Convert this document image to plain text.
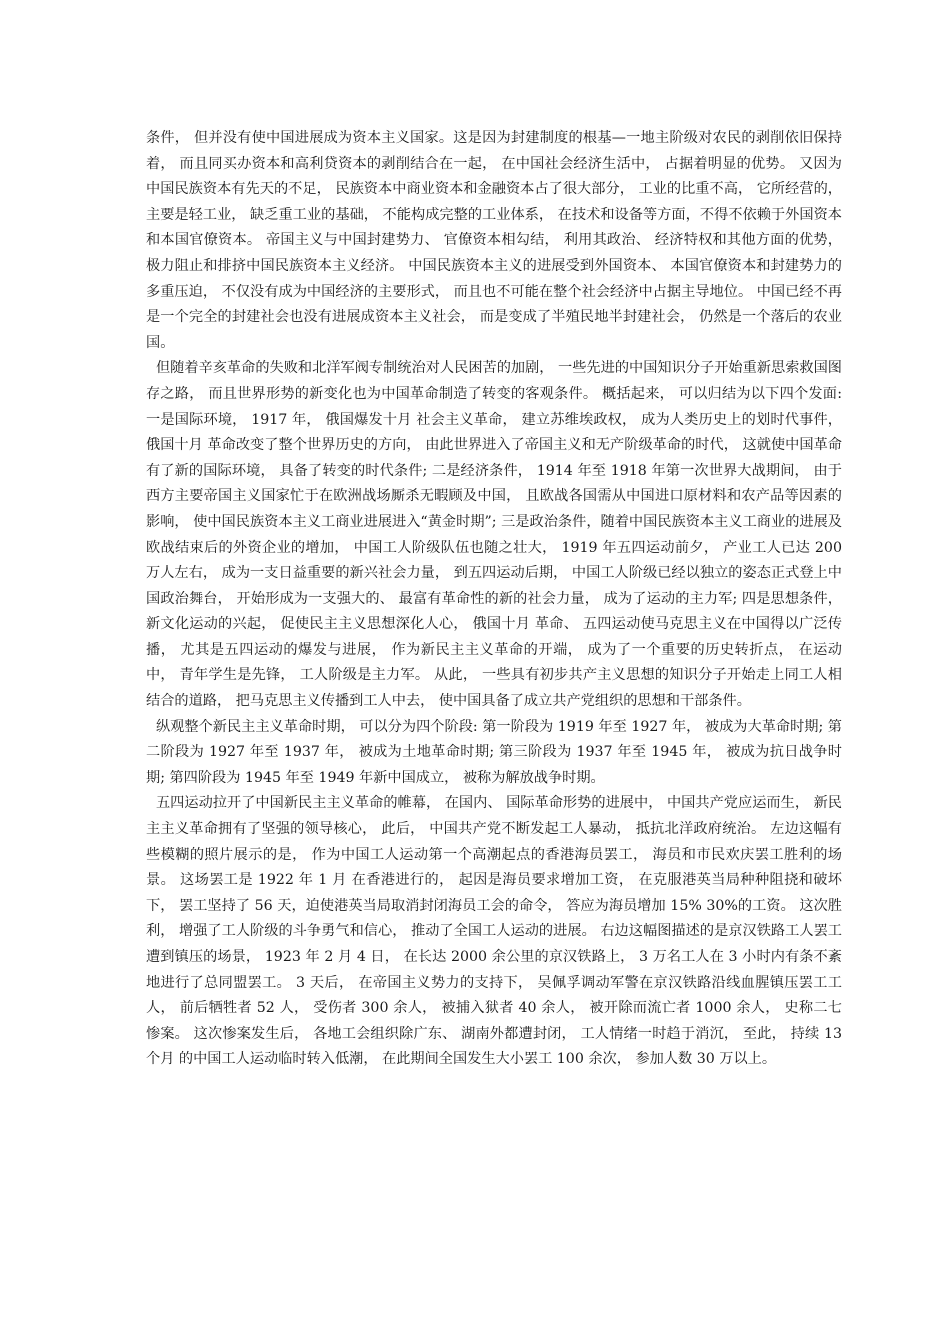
条件， 但并没有使中国进展成为资本主义国家。这是因为封建制度的根基—一地主阶级对农民的剥削依旧保持着， 而且同买办资本和高利贷资本的剥削结合在一起， 在中国社会经济生活中， 占据着明显的优势。 又因为中国民族资本有先天的不足， 民族资本中商业资本和金融资本占了很大部分， 工业的比重不高， 它所经营的， 主要是轻工业， 缺乏重工业的基础， 不能构成完整的工业体系， 在技术和设备等方面，不得不依赖于外国资本和本国官僚资本。 帝国主义与中国封建势力、 官僚资本相勾结， 利用其政治、 经济特权和其他方面的优势， 极力阻止和排挤中国民族资本主义经济。 中国民族资本主义的进展受到外国资本、 本国官僚资本和封建势力的多重压迫， 不仅没有成为中国经济的主要形式， 而且也不可能在整个社会经济中占据主导地位。 中国已经不再是一个完全的封建社会也没有进展成资本主义社会， 而是变成了半殖民地半封建社会， 仍然是一个落后的农业国。

但随着辛亥革命的失败和北洋军阀专制统治对人民困苦的加剧， 一些先进的中国知识分子开始重新思索救国图存之路， 而且世界形势的新变化也为中国革命制造了转变的客观条件。 概括起来， 可以归结为以下四个发面: 一是国际环境， 1917 年， 俄国爆发十月 社会主义革命， 建立苏维埃政权， 成为人类历史上的划时代事件， 俄国十月 革命改变了整个世界历史的方向， 由此世界进入了帝国主义和无产阶级革命的时代， 这就使中国革命有了新的国际环境， 具备了转变的时代条件; 二是经济条件， 1914 年至 1918 年第一次世界大战期间， 由于西方主要帝国主义国家忙于在欧洲战场厮杀无暇顾及中国， 且欧战各国需从中国进口原材料和农产品等因素的影响， 使中国民族资本主义工商业进展进入“黄金时期”; 三是政治条件，随着中国民族资本主义工商业的进展及欧战结束后的外资企业的增加， 中国工人阶级队伍也随之壮大， 1919 年五四运动前夕， 产业工人已达 200 万人左右， 成为一支日益重要的新兴社会力量， 到五四运动后期， 中国工人阶级已经以独立的姿态正式登上中国政治舞台， 开始形成为一支强大的、 最富有革命性的新的社会力量， 成为了运动的主力军; 四是思想条件， 新文化运动的兴起， 促使民主主义思想深化人心， 俄国十月 革命、 五四运动使马克思主义在中国得以广泛传播， 尤其是五四运动的爆发与进展， 作为新民主主义革命的开端， 成为了一个重要的历史转折点， 在运动中， 青年学生是先锋， 工人阶级是主力军。 从此， 一些具有初步共产主义思想的知识分子开始走上同工人相结合的道路， 把马克思主义传播到工人中去， 使中国具备了成立共产党组织的思想和干部条件。

纵观整个新民主主义革命时期， 可以分为四个阶段: 第一阶段为 1919 年至 1927 年， 被成为大革命时期; 第二阶段为 1927 年至 1937 年， 被成为土地革命时期; 第三阶段为 1937 年至 1945 年， 被成为抗日战争时期; 第四阶段为 1945 年至 1949 年新中国成立， 被称为解放战争时期。

五四运动拉开了中国新民主主义革命的帷幕， 在国内、 国际革命形势的进展中， 中国共产党应运而生， 新民主主义革命拥有了坚强的领导核心， 此后， 中国共产党不断发起工人暴动， 抵抗北洋政府统治。 左边这幅有些模糊的照片展示的是， 作为中国工人运动第一个高潮起点的香港海员罢工， 海员和市民欢庆罢工胜利的场景。 这场罢工是 1922 年 1 月 在香港进行的， 起因是海员要求增加工资， 在克服港英当局种种阻挠和破坏下， 罢工坚持了 56 天，迫使港英当局取消封闭海员工会的命令， 答应为海员增加 15% 30%的工资。 这次胜利， 增强了工人阶级的斗争勇气和信心， 推动了全国工人运动的进展。 右边这幅图描述的是京汉铁路工人罢工遭到镇压的场景， 1923 年 2 月 4 日， 在长达 2000 余公里的京汉铁路上， 3 万名工人在 3 小时内有条不紊地进行了总同盟罢工。 3 天后， 在帝国主义势力的支持下， 吴佩孚调动军警在京汉铁路沿线血腥镇压罢工工人， 前后牺牲者 52 人， 受伤者 300 余人， 被捕入狱者 40 余人， 被开除而流亡者 1000 余人， 史称二七惨案。 这次惨案发生后， 各地工会组织除广东、 湖南外都遭封闭， 工人情绪一时趋于消沉， 至此， 持续 13 个月 的中国工人运动临时转入低潮， 在此期间全国发生大小罢工 100 余次， 参加人数 30 万以上。
